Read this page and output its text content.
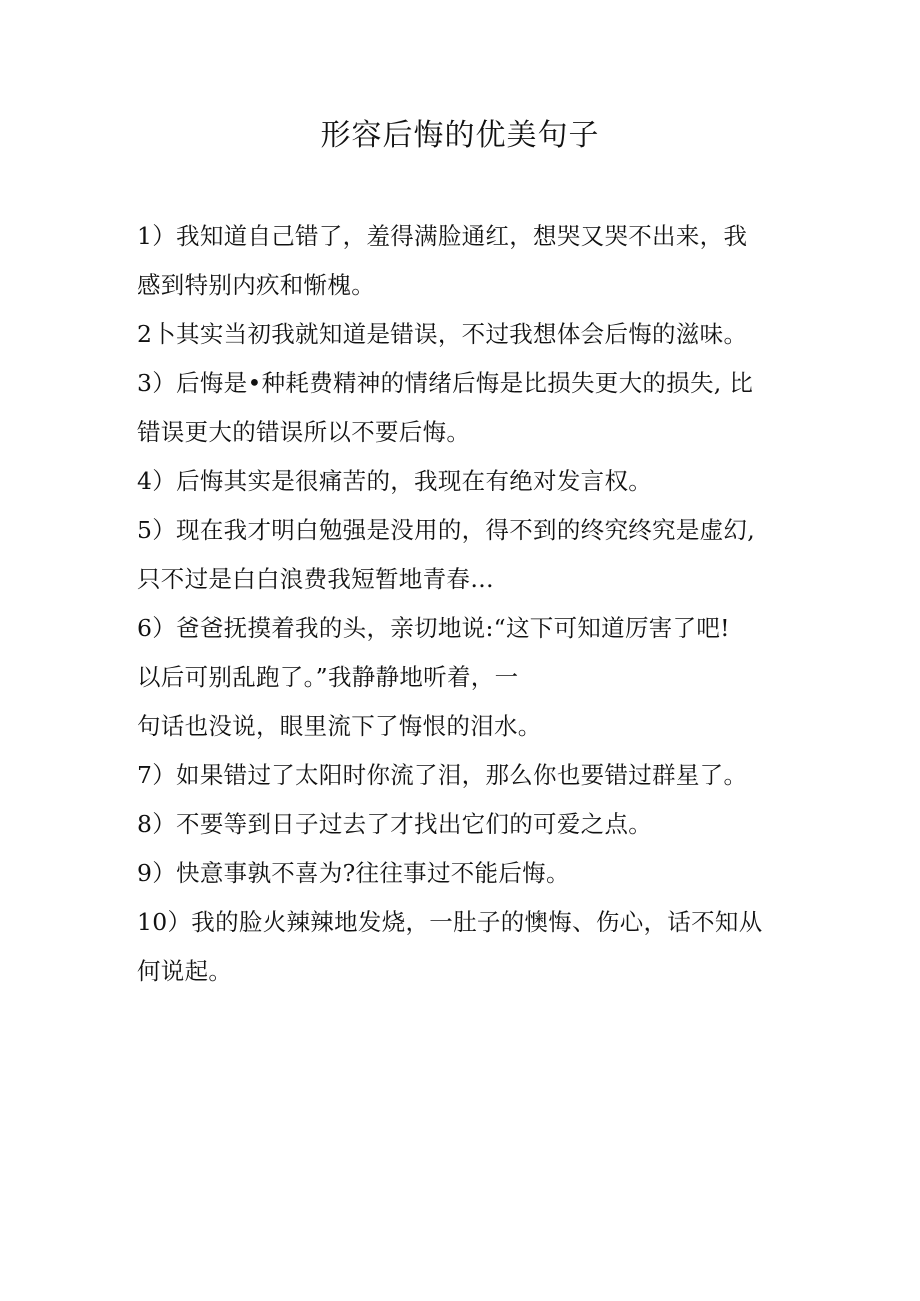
形容后悔的优美句子
1）我知道自己错了，羞得满脸通红，想哭又哭不出来，我
感到特别内疚和惭槐。
2卜其实当初我就知道是错误，不过我想体会后悔的滋味。
3）后悔是•种耗费精神的情绪后悔是比损失更大的损失, 比
错误更大的错误所以不要后悔。
4）后悔其实是很痛苦的，我现在有绝对发言权。
5）现在我才明白勉强是没用的，得不到的终究终究是虚幻,
只不过是白白浪费我短暂地青春…
6）爸爸抚摸着我的头，亲切地说:“这下可知道厉害了吧!
以后可别乱跑了。”我静静地听着，一
句话也没说，眼里流下了悔恨的泪水。
7）如果错过了太阳时你流了泪，那么你也要错过群星了。
8）不要等到日子过去了才找出它们的可爱之点。
9）快意事孰不喜为?往往事过不能后悔。
10）我的脸火辣辣地发烧，一肚子的懊悔、伤心，话不知从
何说起。
